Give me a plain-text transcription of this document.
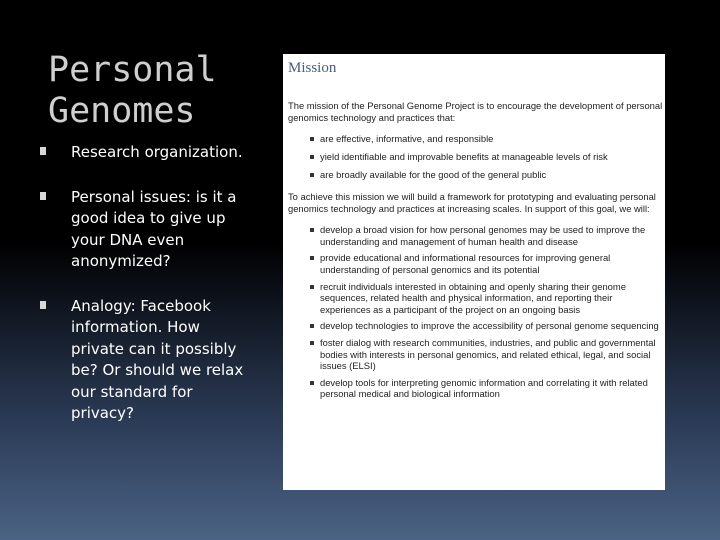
Personal
Genomes
Research organization.
Personal issues: is it a good idea to give up your DNA even anonymized?
Analogy: Facebook information. How private can it possibly be? Or should we relax our standard for privacy?
Mission

The mission of the Personal Genome Project is to encourage the development of personal genomics technology and practices that:

are effective, informative, and responsible
yield identifiable and improvable benefits at manageable levels of risk
are broadly available for the good of the general public

To achieve this mission we will build a framework for prototyping and evaluating personal genomics technology and practices at increasing scales. In support of this goal, we will:

develop a broad vision for how personal genomes may be used to improve the understanding and management of human health and disease
provide educational and informational resources for improving general understanding of personal genomics and its potential
recruit individuals interested in obtaining and openly sharing their genome sequences, related health and physical information, and reporting their experiences as a participant of the project on an ongoing basis
develop technologies to improve the accessibility of personal genome sequencing
foster dialog with research communities, industries, and public and governmental bodies with interests in personal genomics, and related ethical, legal, and social issues (ELSI)
develop tools for interpreting genomic information and correlating it with related personal medical and biological information
